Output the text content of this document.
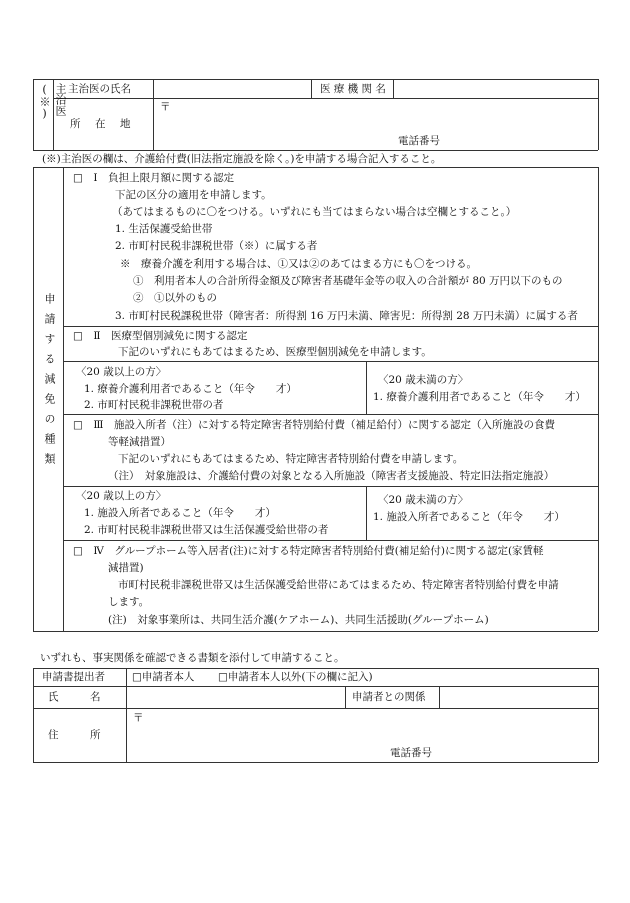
主治医(※)	主治医の氏名	医 療 機 関 名
所　在　地
〒
電話番号
(※)主治医の欄は、介護給付費(旧法指定施設を除く。)を申請する場合記入すること。
申請する減免の種類
□　Ⅰ　負担上限月額に関する認定
下記の区分の適用を申請します。
（あてはまるものに〇をつける。いずれにも当てはまらない場合は空欄とすること。）
1. 生活保護受給世帯
2. 市町村民税非課税世帯（※）に属する者
※　療養介護を利用する場合は、①又は②のあてはまる方にも〇をつける。
①　利用者本人の合計所得金額及び障害者基礎年金等の収入の合計額が 80 万円以下のもの
②　①以外のもの
3. 市町村民税課税世帯（障害者：所得割 16 万円未満、障害児：所得割 28 万円未満）に属する者
□　Ⅱ　医療型個別減免に関する認定
下記のいずれにもあてはまるため、医療型個別減免を申請します。
〈20 歳以上の方〉
1. 療養介護利用者であること（年令　　才）
2. 市町村民税非課税世帯の者
〈20 歳未満の方〉
1. 療養介護利用者であること（年令　　才）
□　Ⅲ　施設入所者（注）に対する特定障害者特別給付費（補足給付）に関する認定（入所施設の食費
等軽減措置）
下記のいずれにもあてはまるため、特定障害者特別給付費を申請します。
（注）　対象施設は、介護給付費の対象となる入所施設（障害者支援施設、特定旧法指定施設）
〈20 歳以上の方〉
1. 施設入所者であること（年令　　才）
2. 市町村民税非課税世帯又は生活保護受給世帯の者
〈20 歳未満の方〉
1. 施設入所者であること（年令　　才）
□　Ⅳ　グループホーム等入居者(注)に対する特定障害者特別給付費(補足給付)に関する認定(家賃軽
減措置)
市町村民税非課税世帯又は生活保護受給世帯にあてはまるため、特定障害者特別給付費を申請
します。
(注)　対象事業所は、共同生活介護(ケアホーム)、共同生活援助(グループホーム)
いずれも、事実関係を確認できる書類を添付して申請すること。
申請書提出者	□申請者本人 □申請者本人以外(下の欄に記入)
氏　　　名	申請者との関係
住　　　所
〒
電話番号
